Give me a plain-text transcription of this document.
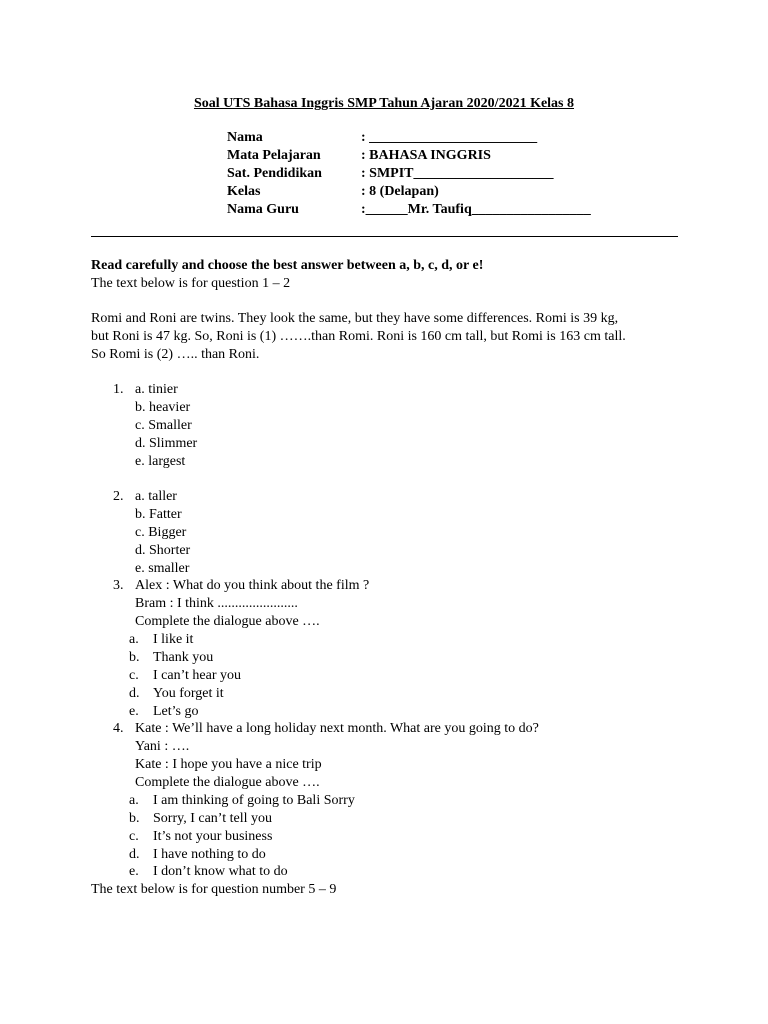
Soal UTS Bahasa Inggris SMP Tahun Ajaran 2020/2021 Kelas 8
Nama	: ________________________
Mata Pelajaran	: BAHASA INGGRIS
Sat. Pendidikan	: SMPIT____________________
Kelas	: 8 (Delapan)
Nama Guru	:______Mr. Taufiq_________________
Read carefully and choose the best answer between a, b, c, d, or e!
The text below is for question 1 – 2
Romi and Roni are twins. They look the same, but they have some differences. Romi is 39 kg,
but Roni is 47 kg. So, Roni is (1) …….than Romi. Roni is 160 cm tall, but Romi is 163 cm tall.
So Romi is (2) ….. than Roni.
1. a. tinier
b. heavier
c. Smaller
d. Slimmer
e. largest
2. a. taller
b. Fatter
c. Bigger
d. Shorter
e. smaller
3. Alex : What do you think about the film ?
Bram : I think .......................
Complete the dialogue above ….
a. I like it
b. Thank you
c. I can’t hear you
d. You forget it
e. Let’s go
4. Kate : We’ll have a long holiday next month. What are you going to do?
Yani : ….
Kate : I hope you have a nice trip
Complete the dialogue above ….
a. I am thinking of going to Bali Sorry
b. Sorry, I can’t tell you
c. It’s not your business
d. I have nothing to do
e. I don’t know what to do
The text below is for question number 5 – 9
